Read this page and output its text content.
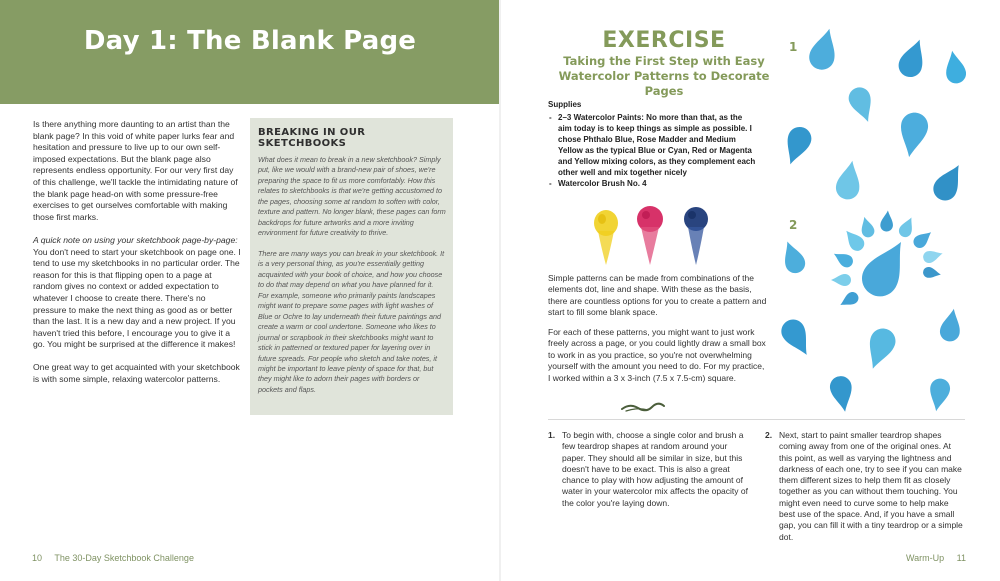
Day 1: The Blank Page

Is there anything more daunting to an artist than the blank page? In this void of white paper lurks fear and hesitation and pressure to live up to our own self-imposed expectations. But the blank page also represents endless opportunity. For our very first day of this challenge, we'll tackle the intimidating nature of the blank page head-on with some pressure-free exercises to get ourselves comfortable with making those first marks.

A quick note on using your sketchbook page-by-page:
You don't need to start your sketchbook on page one. I tend to use my sketchbooks in no particular order. The reason for this is that flipping open to a page at random gives no context or added expectation to whatever I choose to create there. There's no pressure to make the next thing as good as or better than the last. It is a new day and a new project. If you haven't tried this before, I encourage you to give it a go. You might be surprised at the difference it makes!

One great way to get acquainted with your sketchbook is with some simple, relaxing watercolor patterns.

BREAKING IN OUR SKETCHBOOKS

What does it mean to break in a new sketchbook? Simply put, like we would with a brand-new pair of shoes, we're preparing the space to fit us more comfortably. How this relates to sketchbooks is that we're getting accustomed to the pages, choosing some at random to soften with color, texture and pattern. No longer blank, these pages can form backdrops for future artworks and a more inviting environment for future creativity to thrive.

There are many ways you can break in your sketchbook. It is a very personal thing, as you're essentially getting acquainted with your book of choice, and how you choose to do that may depend on what you have planned for it. For example, someone who primarily paints landscapes might want to prepare some pages with light washes of Blue or Ochre to lay underneath their future paintings and create a warm or cool undertone. Someone who likes to journal or scrapbook in their sketchbooks might want to stick in patterned or textured paper for layering over in future spreads. For people who sketch and take notes, it might be important to leave plenty of space for that, but they might like to adorn their pages with borders or pockets and flaps.

10 The 30-Day Sketchbook Challenge
EXERCISE
Taking the First Step with Easy Watercolor Patterns to Decorate Pages
Supplies
- 2–3 Watercolor Paints: No more than that, as the aim today is to keep things as simple as possible. I chose Phthalo Blue, Rose Madder and Medium Yellow as the typical Blue or Cyan, Red or Magenta and Yellow mixing colors, as they complement each other well and mix together nicely
- Watercolor Brush No. 4

Simple patterns can be made from combinations of the elements dot, line and shape. With these as the basis, there are countless options for you to create a pattern and start to fill some blank space.

For each of these patterns, you might want to just work freely across a page, or you could lightly draw a small box to work in as you practice, so you're not overwhelming yourself with the amount you need to do. For my practice, I worked within a 3 x 3-inch (7.5 x 7.5-cm) square.

1. To begin with, choose a single color and brush a few teardrop shapes at random around your paper. They should all be similar in size, but this doesn't have to be exact. This is also a great chance to play with how adjusting the amount of water in your watercolor mix affects the opacity of the color you're laying down.
2. Next, start to paint smaller teardrop shapes coming away from one of the original ones. At this point, as well as varying the lightness and darkness of each one, try to see if you can make them different sizes to help them fit as closely together as you can without them touching. You might even need to curve some to help make best use of the space. And, if you have a small gap, you can fill it with a tiny teardrop or a simple dot.
1
2
Warm-Up 11
